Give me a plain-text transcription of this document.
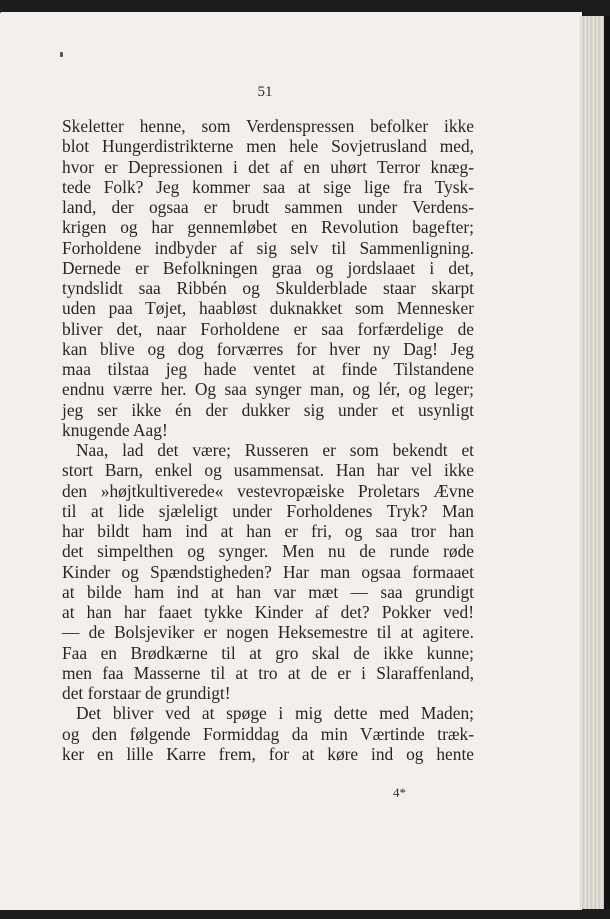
51
Skeletter henne, som Verdenspressen befolker ikke
blot Hungerdistrikterne men hele Sovjetrusland med,
hvor er Depressionen i det af en uhørt Terror knæg-
tede Folk? Jeg kommer saa at sige lige fra Tysk-
land, der ogsaa er brudt sammen under Verdens-
krigen og har gennemløbet en Revolution bagefter;
Forholdene indbyder af sig selv til Sammenligning.
Dernede er Befolkningen graa og jordslaaet i det,
tyndslidt saa Ribbén og Skulderblade staar skarpt
uden paa Tøjet, haabløst duknakket som Mennesker
bliver det, naar Forholdene er saa forfærdelige de
kan blive og dog forværres for hver ny Dag! Jeg
maa tilstaa jeg hade ventet at finde Tilstandene
endnu værre her. Og saa synger man, og lér, og leger;
jeg ser ikke én der dukker sig under et usynligt
knugende Aag!
Naa, lad det være; Russeren er som bekendt et
stort Barn, enkel og usammensat. Han har vel ikke
den »højtkultiverede« vestevropæiske Proletars Ævne
til at lide sjæleligt under Forholdenes Tryk? Man
har bildt ham ind at han er fri, og saa tror han
det simpelthen og synger. Men nu de runde røde
Kinder og Spændstigheden? Har man ogsaa formaaet
at bilde ham ind at han var mæt — saa grundigt
at han har faaet tykke Kinder af det? Pokker ved!
— de Bolsjeviker er nogen Heksemestre til at agitere.
Faa en Brødkærne til at gro skal de ikke kunne;
men faa Masserne til at tro at de er i Slaraffenland,
det forstaar de grundigt!
Det bliver ved at spøge i mig dette med Maden;
og den følgende Formiddag da min Værtinde træk-
ker en lille Karre frem, for at køre ind og hente
4*
